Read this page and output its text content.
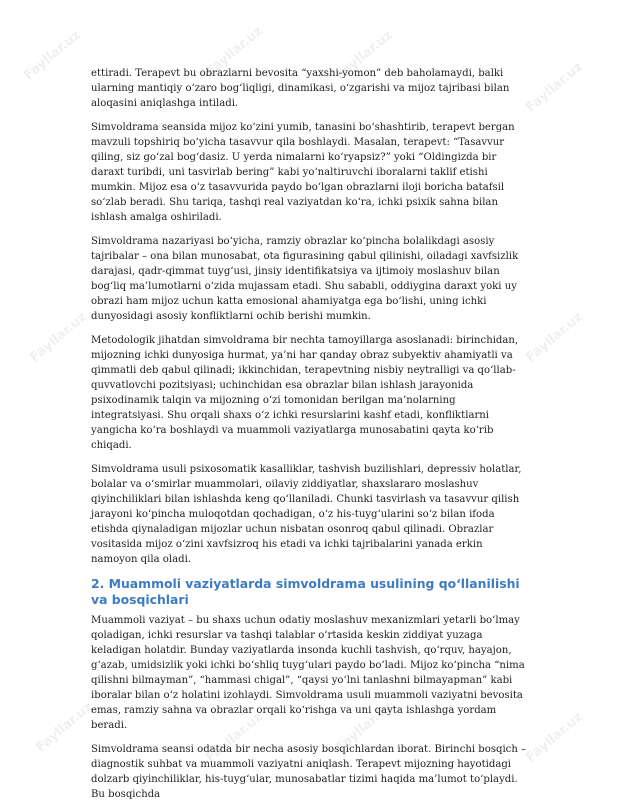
Fayllar.uz	Fayllar.uz	Fayllar.uz
Fayllar.uz
Fayllar.uz	Fayllar.uz
Fayllar.uz	Fayllar.uz	Fayllar.uz	Fayllar.uz

ettiradi. Terapevt bu obrazlarni bevosita “yaxshi-yomon” deb baholamaydi, balki ularning mantiqiy o‘zaro bog‘liqligi, dinamikasi, o‘zgarishi va mijoz tajribasi bilan aloqasini aniqlashga intiladi.

Simvoldrama seansida mijoz ko‘zini yumib, tanasini bo‘shashtirib, terapevt bergan mavzuli topshiriq bo‘yicha tasavvur qila boshlaydi. Masalan, terapevt: “Tasavvur qiling, siz go‘zal bog‘dasiz. U yerda nimalarni ko‘ryapsiz?” yoki “Oldingizda bir daraxt turibdi, uni tasvirlab bering” kabi yo‘naltiruvchi iboralarni taklif etishi mumkin. Mijoz esa o‘z tasavvurida paydo bo‘lgan obrazlarni iloji boricha batafsil so‘zlab beradi. Shu tariqa, tashqi real vaziyatdan ko‘ra, ichki psixik sahna bilan ishlash amalga oshiriladi.

Simvoldrama nazariyasi bo‘yicha, ramziy obrazlar ko‘pincha bolalikdagi asosiy tajribalar – ona bilan munosabat, ota figurasining qabul qilinishi, oiladagi xavfsizlik darajasi, qadr-qimmat tuyg‘usi, jinsiy identifikatsiya va ijtimoiy moslashuv bilan bog‘liq ma’lumotlarni o‘zida mujassam etadi. Shu sababli, oddiygina daraxt yoki uy obrazi ham mijoz uchun katta emosional ahamiyatga ega bo‘lishi, uning ichki dunyosidagi asosiy konfliktlarni ochib berishi mumkin.

Metodologik jihatdan simvoldrama bir nechta tamoyillarga asoslanadi: birinchidan, mijozning ichki dunyosiga hurmat, ya’ni har qanday obraz subyektiv ahamiyatli va qimmatli deb qabul qilinadi; ikkinchidan, terapevtning nisbiy neytralligi va qo‘llab-quvvatlovchi pozitsiyasi; uchinchidan esa obrazlar bilan ishlash jarayonida psixodinamik talqin va mijozning o‘zi tomonidan berilgan ma’nolarning integratsiyasi. Shu orqali shaxs o‘z ichki resurslarini kashf etadi, konfliktlarni yangicha ko‘ra boshlaydi va muammoli vaziyatlarga munosabatini qayta ko‘rib chiqadi.

Simvoldrama usuli psixosomatik kasalliklar, tashvish buzilishlari, depressiv holatlar, bolalar va o‘smirlar muammolari, oilaviy ziddiyatlar, shaxslararo moslashuv qiyinchiliklari bilan ishlashda keng qo‘llaniladi. Chunki tasvirlash va tasavvur qilish jarayoni ko‘pincha muloqotdan qochadigan, o‘z his-tuyg‘ularini so‘z bilan ifoda etishda qiynaladigan mijozlar uchun nisbatan osonroq qabul qilinadi. Obrazlar vositasida mijoz o‘zini xavfsizroq his etadi va ichki tajribalarini yanada erkin namoyon qila oladi.

2. Muammoli vaziyatlarda simvoldrama usulining qo‘llanilishi va bosqichlari

Muammoli vaziyat – bu shaxs uchun odatiy moslashuv mexanizmlari yetarli bo‘lmay qoladigan, ichki resurslar va tashqi talablar o‘rtasida keskin ziddiyat yuzaga keladigan holatdir. Bunday vaziyatlarda insonda kuchli tashvish, qo‘rquv, hayajon, g‘azab, umidsizlik yoki ichki bo‘shliq tuyg‘ulari paydo bo‘ladi. Mijoz ko‘pincha “nima qilishni bilmayman”, “hammasi chigal”, “qaysi yo‘lni tanlashni bilmayapman” kabi iboralar bilan o‘z holatini izohlaydi. Simvoldrama usuli muammoli vaziyatni bevosita emas, ramziy sahna va obrazlar orqali ko‘rishga va uni qayta ishlashga yordam beradi.

Simvoldrama seansi odatda bir necha asosiy bosqichlardan iborat. Birinchi bosqich – diagnostik suhbat va muammoli vaziyatni aniqlash. Terapevt mijozning hayotidagi dolzarb qiyinchiliklar, his-tuyg‘ular, munosabatlar tizimi haqida ma’lumot to‘playdi. Bu bosqichda
